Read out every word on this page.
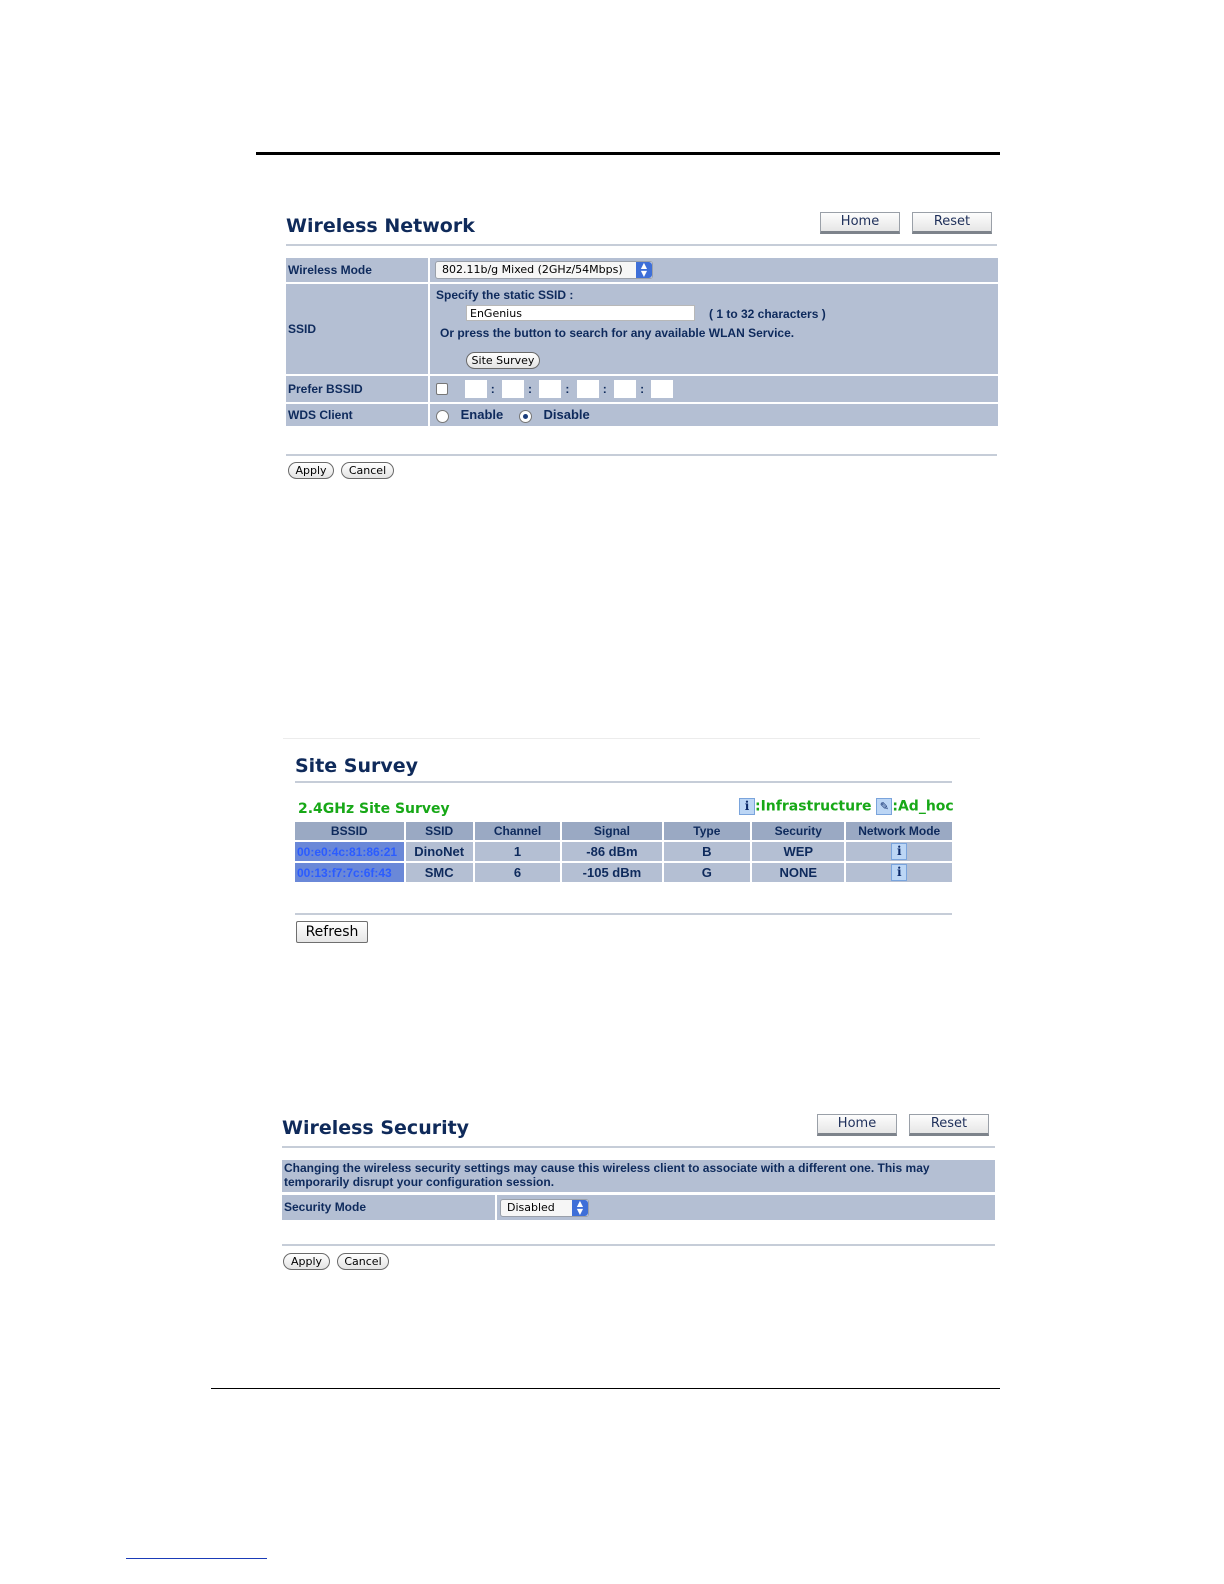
Wireless Network	Home	Reset
Wireless Mode	802.11b/g Mixed (2GHz/54Mbps) ▲
▼

SSID	Specify the static SSID :
EnGenius ( 1 to 32 characters )
Or press the button to search for any available WLAN Service.
Site Survey

Prefer BSSID	: : : : :
WDS Client	Enable Disable
Apply	Cancel
Site Survey
2.4GHz Site Survey	i :Infrastructure ✎ :Ad_hoc
BSSID	SSID	Channel	Signal	Type	Security	Network Mode
00:e0:4c:81:86:21	DinoNet	1	-86 dBm	B	WEP	i
00:13:f7:7c:6f:43	SMC	6	-105 dBm	G	NONE	i
Refresh
Wireless Security	Home	Reset
Changing the wireless security settings may cause this wireless client to associate with a different one. This may temporarily disrupt your configuration session.
Security Mode	Disabled	▲
▼
Apply	Cancel
